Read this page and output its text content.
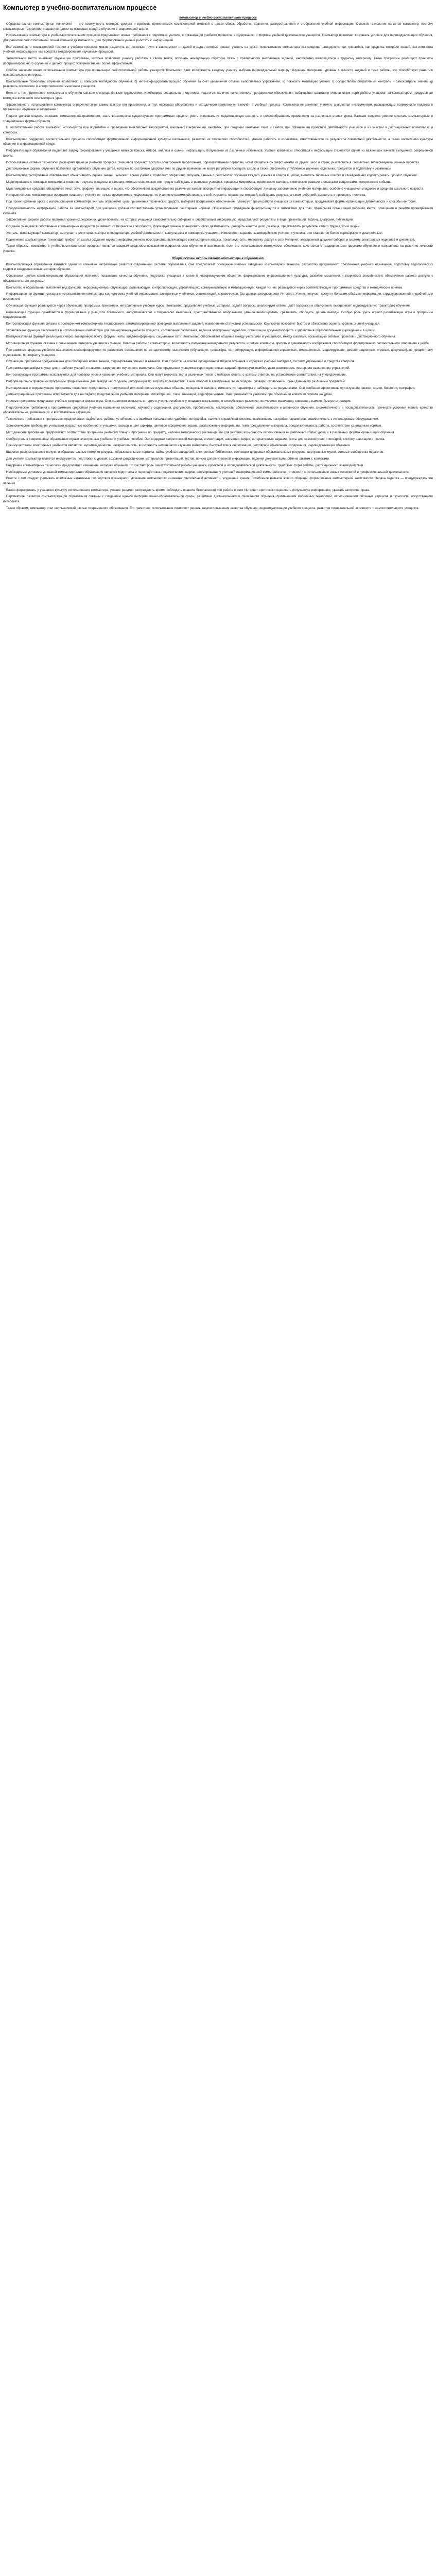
Компьютер в учебно-воспитательном процессе
Компьютер в учебно-воспитательном процессе

Образовательная компьютерная технология — это совокупность методов, средств и приемов, применяемых компьютерной техникой с целью сбора, обработки, хранения, распространения и отображения учебной информации. Основой технологии является компьютер, поэтому компьютерные технологии становятся одним из основных средств обучения в современной школе.

Использование компьютера в учебно-воспитательном процессе предъявляет новые требования к подготовке учителя, к организации учебного процесса, к содержанию и формам учебной деятельности учащихся. Компьютер позволяет создавать условия для индивидуализации обучения, для развития самостоятельной познавательной деятельности, для формирования умений работать с информацией.

Все возможности компьютерной техники в учебном процессе можно разделить на несколько групп в зависимости от целей и задач, которые решает учитель на уроке: использование компьютера как средства наглядности, как тренажёра, как средства контроля знаний, как источника учебной информации и как средства моделирования изучаемых процессов.

Значительное место занимают обучающие программы, которые позволяют ученику работать в своём темпе, получать немедленную обратную связь о правильности выполнения заданий, многократно возвращаться к трудному материалу. Такие программы реализуют принципы программированного обучения и делают процесс усвоения знаний более эффективным.

Особое значение имеет использование компьютера при организации самостоятельной работы учащихся. Компьютер даёт возможность каждому ученику выбрать индивидуальный маршрут изучения материала, уровень сложности заданий и темп работы, что способствует развитию познавательного интереса.

Компьютерные технологии обучения позволяют: а) повысить наглядность обучения; б) интенсифицировать процесс обучения за счёт увеличения объёма выполняемых упражнений; в) повысить мотивацию учения; г) осуществлять оперативный контроль и самоконтроль знаний; д) развивать логическое и алгоритмическое мышление учащихся.

Вместе с тем применение компьютера в обучении связано с определёнными трудностями. Необходима специальная подготовка педагогов, наличие качественного программного обеспечения, соблюдение санитарно-гигиенических норм работы учащихся за компьютером, продуманная методика включения компьютера в урок.

Эффективность использования компьютера определяется не самим фактом его применения, а тем, насколько обоснованно и методически грамотно он включён в учебный процесс. Компьютер не заменяет учителя, а является инструментом, расширяющим возможности педагога в организации обучения и воспитания.

Педагог должен владеть основами компьютерной грамотности, знать возможности существующих программных средств, уметь оценивать их педагогическую ценность и целесообразность применения на различных этапах урока. Важным является умение сочетать компьютерные и традиционные формы обучения.

В воспитательной работе компьютер используется при подготовке и проведении внеклассных мероприятий, школьных конференций, выставок, при создании школьных газет и сайтов, при организации проектной деятельности учащихся и их участии в дистанционных олимпиадах и конкурсах.

Компьютерная поддержка воспитательного процесса способствует формированию информационной культуры школьников, развитию их творческих способностей, умения работать в коллективе, ответственности за результаты совместной деятельности, а также воспитанию культуры общения в информационной среде.

Информатизация образования выдвигает задачу формирования у учащихся навыков поиска, отбора, анализа и оценки информации, получаемой из различных источников. Умение критически относиться к информации становится одним из важнейших качеств выпускника современной школы.

Использование сетевых технологий расширяет границы учебного процесса. Учащиеся получают доступ к электронным библиотекам, образовательным порталам, могут общаться со сверстниками из других школ и стран, участвовать в совместных телекоммуникационных проектах.

Дистанционные формы обучения позволяют организовать обучение детей, которые по состоянию здоровья или по другим причинам не могут регулярно посещать школу, а также обеспечить углублённое изучение отдельных предметов и подготовку к экзаменам.

Компьютерное тестирование обеспечивает объективность оценки знаний, экономит время учителя, позволяет оперативно получать данные о результатах обучения каждого ученика и класса в целом, выявлять типичные ошибки и своевременно корректировать процесс обучения.

Моделирование с помощью компьютера позволяет изучать процессы и явления, которые невозможно или трудно наблюдать в реальных условиях: процессы микромира, космические явления, химические реакции с опасными веществами, исторические события.

Мультимедийные средства объединяют текст, звук, графику, анимацию и видео, что обеспечивает воздействие на различные каналы восприятия информации и способствует лучшему запоминанию учебного материала, особенно учащимися младшего и среднего школьного возраста.

Интерактивность компьютерных программ позволяет ученику не только воспринимать информацию, но и активно взаимодействовать с ней: изменять параметры моделей, наблюдать результаты своих действий, выдвигать и проверять гипотезы.

При проектировании урока с использованием компьютера учитель определяет цели применения технических средств, выбирает программное обеспечение, планирует время работы учащихся за компьютером, продумывает формы организации деятельности и способы контроля.

Продолжительность непрерывной работы за компьютером для учащихся должна соответствовать установленным санитарным нормам. Обязательно проведение физкультминуток и гимнастики для глаз, правильная организация рабочего места, освещения и режима проветривания кабинета.

Эффективной формой работы являются уроки-исследования, уроки-проекты, на которых учащиеся самостоятельно собирают и обрабатывают информацию, представляют результаты в виде презентаций, таблиц, диаграмм, публикаций.

Создание учащимися собственных компьютерных продуктов развивает их творческие способности, формирует умение планировать свою деятельность, доводить начатое дело до конца, представлять результаты своего труда другим людям.

Учитель, использующий компьютер, выступает в роли организатора и координатора учебной деятельности, консультанта и помощника учащихся. Изменяется характер взаимодействия учителя и ученика: оно становится более партнёрским и диалогичным.

Применение компьютерных технологий требует от школы создания единого информационного пространства, включающего компьютерные классы, локальную сеть, медиатеку, доступ к сети Интернет, электронный документооборот и систему электронных журналов и дневников.

Таким образом, компьютер в учебно-воспитательном процессе является мощным средством повышения эффективности обучения и воспитания, если его использование методически обосновано, сочетается с традиционными формами обучения и направлено на развитие личности ученика.

Общие основы использования компьютера в образовании

Компьютеризация образования является одним из ключевых направлений развития современной системы образования. Она предполагает оснащение учебных заведений компьютерной техникой, разработку программного обеспечения учебного назначения, подготовку педагогических кадров и внедрение новых методов обучения.

Основными целями компьютеризации образования являются: повышение качества обучения, подготовка учащихся к жизни в информационном обществе, формирование информационной культуры, развитие мышления и творческих способностей, обеспечение равного доступа к образовательным ресурсам.

Компьютер в образовании выполняет ряд функций: информационную, обучающую, развивающую, контролирующую, управляющую, коммуникативную и мотивационную. Каждая из них реализуется через соответствующие программные средства и методические приёмы.

Информационная функция связана с использованием компьютера как источника учебной информации: электронных учебников, энциклопедий, справочников, баз данных, ресурсов сети Интернет. Ученик получает доступ к большим объёмам информации, структурированной и удобной для восприятия.

Обучающая функция реализуется через обучающие программы, тренажёры, интерактивные учебные курсы. Компьютер предъявляет учебный материал, задаёт вопросы, анализирует ответы, даёт подсказки и объяснения, выстраивает индивидуальную траекторию обучения.

Развивающая функция проявляется в формировании у учащихся логического, алгоритмического и творческого мышления, пространственного воображения, умений анализировать, сравнивать, обобщать, делать выводы. Особую роль здесь играют развивающие игры и программы моделирования.

Контролирующая функция связана с проведением компьютерного тестирования, автоматизированной проверкой выполнения заданий, накоплением статистики успеваемости. Компьютер позволяет быстро и объективно оценить уровень знаний учащихся.

Управляющая функция заключается в использовании компьютера для планирования учебного процесса, составления расписания, ведения электронных журналов, организации документооборота и управления образовательным учреждением в целом.

Коммуникативная функция реализуется через электронную почту, форумы, чаты, видеоконференции, социальные сети. Компьютер обеспечивает общение между учителями и учащимися, между школами, организацию сетевых проектов и дистанционного обучения.

Мотивационная функция связана с повышением интереса учащихся к учению. Новизна работы с компьютером, возможность получения немедленного результата, игровые элементы, яркость и динамичность изображения способствуют формированию положительного отношения к учёбе.

Программные средства учебного назначения классифицируются по различным основаниям: по методическому назначению (обучающие, тренажёры, контролирующие, информационно-справочные, имитационные, моделирующие, демонстрационные, игровые, досуговые), по предметному содержанию, по возрасту учащихся.

Обучающие программы предназначены для сообщения новых знаний, формирования умений и навыков. Они строятся на основе определённой модели обучения и содержат учебный материал, систему упражнений и средства контроля.

Программы-тренажёры служат для отработки умений и навыков, закрепления изученного материала. Они предлагают учащимся серии однотипных заданий, фиксируют ошибки, дают возможность повторного выполнения упражнений.

Контролирующие программы используются для проверки уровня усвоения учебного материала. Они могут включать тесты различных типов: с выбором ответа, с кратким ответом, на установление соответствия, на упорядочивание.

Информационно-справочные программы предназначены для вывода необходимой информации по запросу пользователя. К ним относятся электронные энциклопедии, словари, справочники, базы данных по различным предметам.

Имитационные и моделирующие программы позволяют представить в графической или иной форме изучаемые объекты, процессы и явления, изменять их параметры и наблюдать за результатами. Они особенно эффективны при изучении физики, химии, биологии, географии.

Демонстрационные программы используются для наглядного представления учебного материала: иллюстраций, схем, анимаций, видеофрагментов. Они применяются учителем при объяснении нового материала на уроке.

Игровые программы предлагают учебные ситуации в форме игры. Они позволяют повысить интерес к учению, особенно у младших школьников, и способствуют развитию логического мышления, внимания, памяти, быстроты реакции.

Педагогические требования к программным средствам учебного назначения включают: научность содержания, доступность, проблемность, наглядность, обеспечение сознательности и активности обучения, систематичность и последовательность, прочность усвоения знаний, единство образовательных, развивающих и воспитательных функций.

Технические требования к программам предполагают надёжность работы, устойчивость к ошибкам пользователя, удобство интерфейса, наличие справочной системы, возможность настройки параметров, совместимость с используемым оборудованием.

Эргономические требования учитывают возрастные особенности учащихся: размер и цвет шрифта, цветовое оформление экрана, расположение информации, темп предъявления материала, продолжительность работы, соответствие санитарным нормам.

Методические требования предполагают соответствие программы учебному плану и программе по предмету, наличие методических рекомендаций для учителя, возможность использования на различных этапах урока и в различных формах организации обучения.

Особую роль в современном образовании играют электронные учебники и учебные пособия. Они содержат теоретический материал, иллюстрации, анимации, видео, интерактивные задания, тесты для самоконтроля, глоссарий, систему навигации и поиска.

Преимуществами электронных учебников являются: мультимедийность, интерактивность, возможность нелинейного изучения материала, быстрый поиск информации, регулярное обновление содержания, индивидуализация обучения.

Широкое распространение получили образовательные интернет-ресурсы: образовательные порталы, сайты учебных заведений, электронные библиотеки, коллекции цифровых образовательных ресурсов, виртуальные музеи, сетевые сообщества педагогов.

Для учителя компьютер является инструментом подготовки к урокам: создания дидактических материалов, презентаций, тестов, поиска дополнительной информации, ведения документации, обмена опытом с коллегами.

Внедрение компьютерных технологий предполагает изменение методики обучения. Возрастает роль самостоятельной работы учащихся, проектной и исследовательской деятельности, групповых форм работы, дистанционного взаимодействия.

Необходимым условием успешной компьютеризации образования является подготовка и переподготовка педагогических кадров, формирование у учителей информационной компетентности, готовности к использованию новых технологий в профессиональной деятельности.

Вместе с тем следует учитывать возможные негативные последствия чрезмерного увлечения компьютером: снижение двигательной активности, ухудшение зрения, ослабление навыков живого общения, формирование компьютерной зависимости. Задача педагога — предупреждать эти явления.

Важно формировать у учащихся культуру использования компьютера, умение разумно распределять время, соблюдать правила безопасности при работе в сети Интернет, критически оценивать получаемую информацию, уважать авторские права.

Перспективы развития компьютеризации образования связаны с созданием единой информационно-образовательной среды, развитием дистанционного и смешанного обучения, применением мобильных технологий, использованием облачных сервисов и технологий искусственного интеллекта.

Таким образом, компьютер стал неотъемлемой частью современного образования. Его грамотное использование позволяет решать задачи повышения качества обучения, индивидуализации учебного процесса, развития познавательной активности и самостоятельности учащихся.
